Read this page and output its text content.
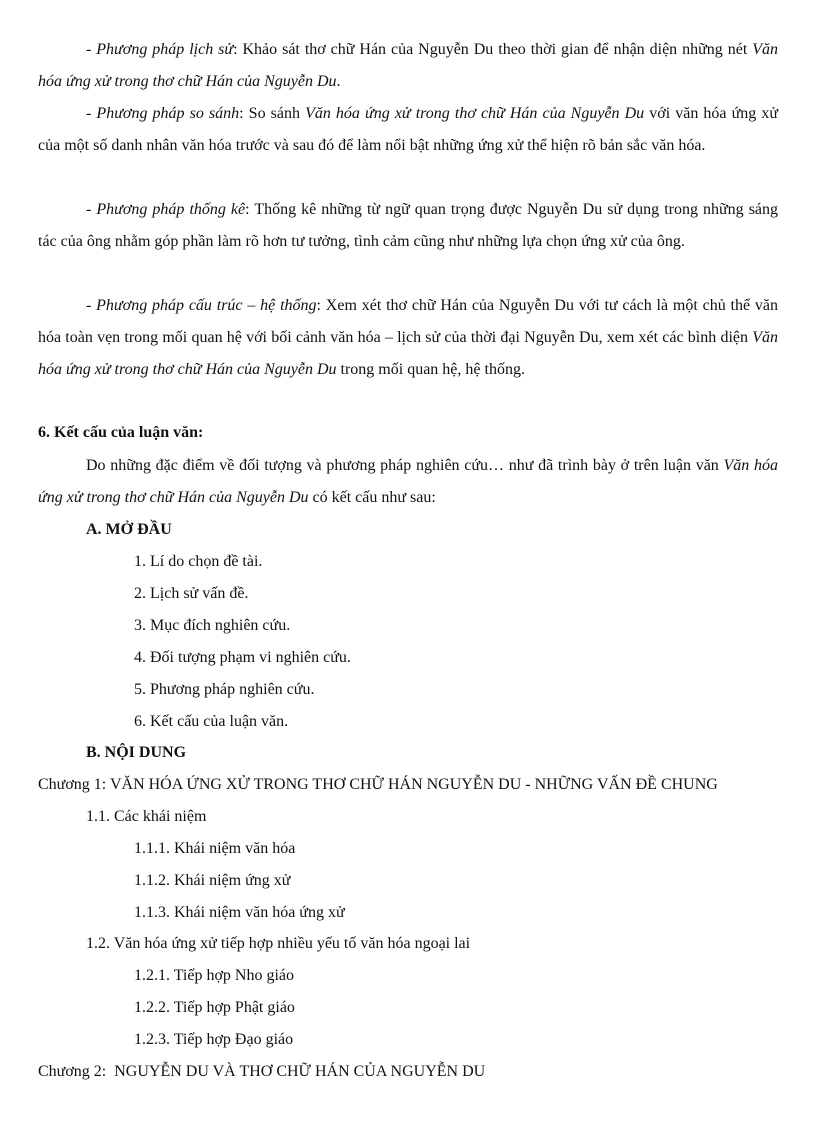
- Phương pháp lịch sử: Khảo sát thơ chữ Hán của Nguyễn Du theo thời gian để nhận diện những nét Văn hóa ứng xử trong thơ chữ Hán của Nguyễn Du.

- Phương pháp so sánh: So sánh Văn hóa ứng xử trong thơ chữ Hán của Nguyễn Du với văn hóa ứng xử của một số danh nhân văn hóa trước và sau đó để làm nổi bật những ứng xử thể hiện rõ bản sắc văn hóa.

- Phương pháp thống kê: Thống kê những từ ngữ quan trọng được Nguyễn Du sử dụng trong những sáng tác của ông nhằm góp phần làm rõ hơn tư tưởng, tình cảm cũng như những lựa chọn ứng xử của ông.

- Phương pháp cấu trúc – hệ thống: Xem xét thơ chữ Hán của Nguyễn Du với tư cách là một chủ thể văn hóa toàn vẹn trong mối quan hệ với bối cảnh văn hóa – lịch sử của thời đại Nguyễn Du, xem xét các bình diện Văn hóa ứng xử trong thơ chữ Hán của Nguyễn Du trong mối quan hệ, hệ thống.

6. Kết cấu của luận văn:

Do những đặc điểm về đối tượng và phương pháp nghiên cứu… như đã trình bày ở trên luận văn Văn hóa ứng xử trong thơ chữ Hán của Nguyễn Du có kết cấu như sau:

A. MỞ ĐẦU
1. Lí do chọn đề tài.
2. Lịch sử vấn đề.
3. Mục đích nghiên cứu.
4. Đối tượng phạm vi nghiên cứu.
5. Phương pháp nghiên cứu.
6. Kết cấu của luận văn.
B. NỘI DUNG
Chương 1: VĂN HÓA ỨNG XỬ TRONG THƠ CHỮ HÁN NGUYỄN DU - NHỮNG VẤN ĐỀ CHUNG
1.1. Các khái niệm
1.1.1. Khái niệm văn hóa
1.1.2. Khái niệm ứng xử
1.1.3. Khái niệm văn hóa ứng xử
1.2. Văn hóa ứng xử tiếp hợp nhiều yếu tố văn hóa ngoại lai
1.2.1. Tiếp hợp Nho giáo
1.2.2. Tiếp hợp Phật giáo
1.2.3. Tiếp hợp Đạo giáo
Chương 2:  NGUYỄN DU VÀ THƠ CHỮ HÁN CỦA NGUYỄN DU
